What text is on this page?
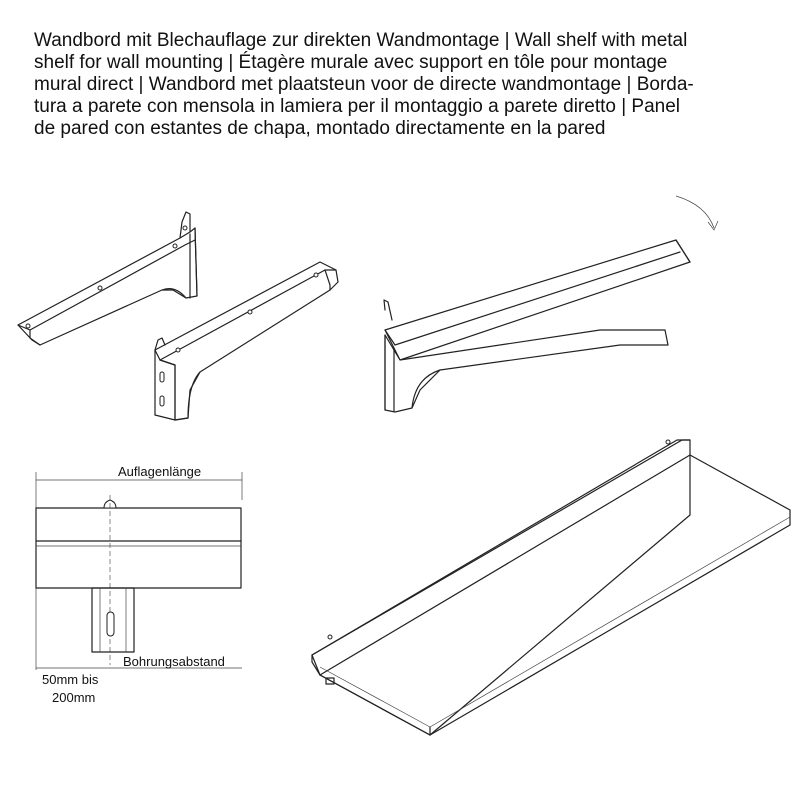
Wandbord mit Blechauflage zur direkten Wandmontage | Wall shelf with metal
shelf for wall mounting | Étagère murale avec support en tôle pour montage
mural direct | Wandbord met plaatsteun voor de directe wandmontage | Borda-
tura a parete con mensola in lamiera per il montaggio a parete diretto | Panel
de pared con estantes de chapa, montado directamente en la pared
Auflagenlänge
Bohrungsabstand
50mm bis
200mm
